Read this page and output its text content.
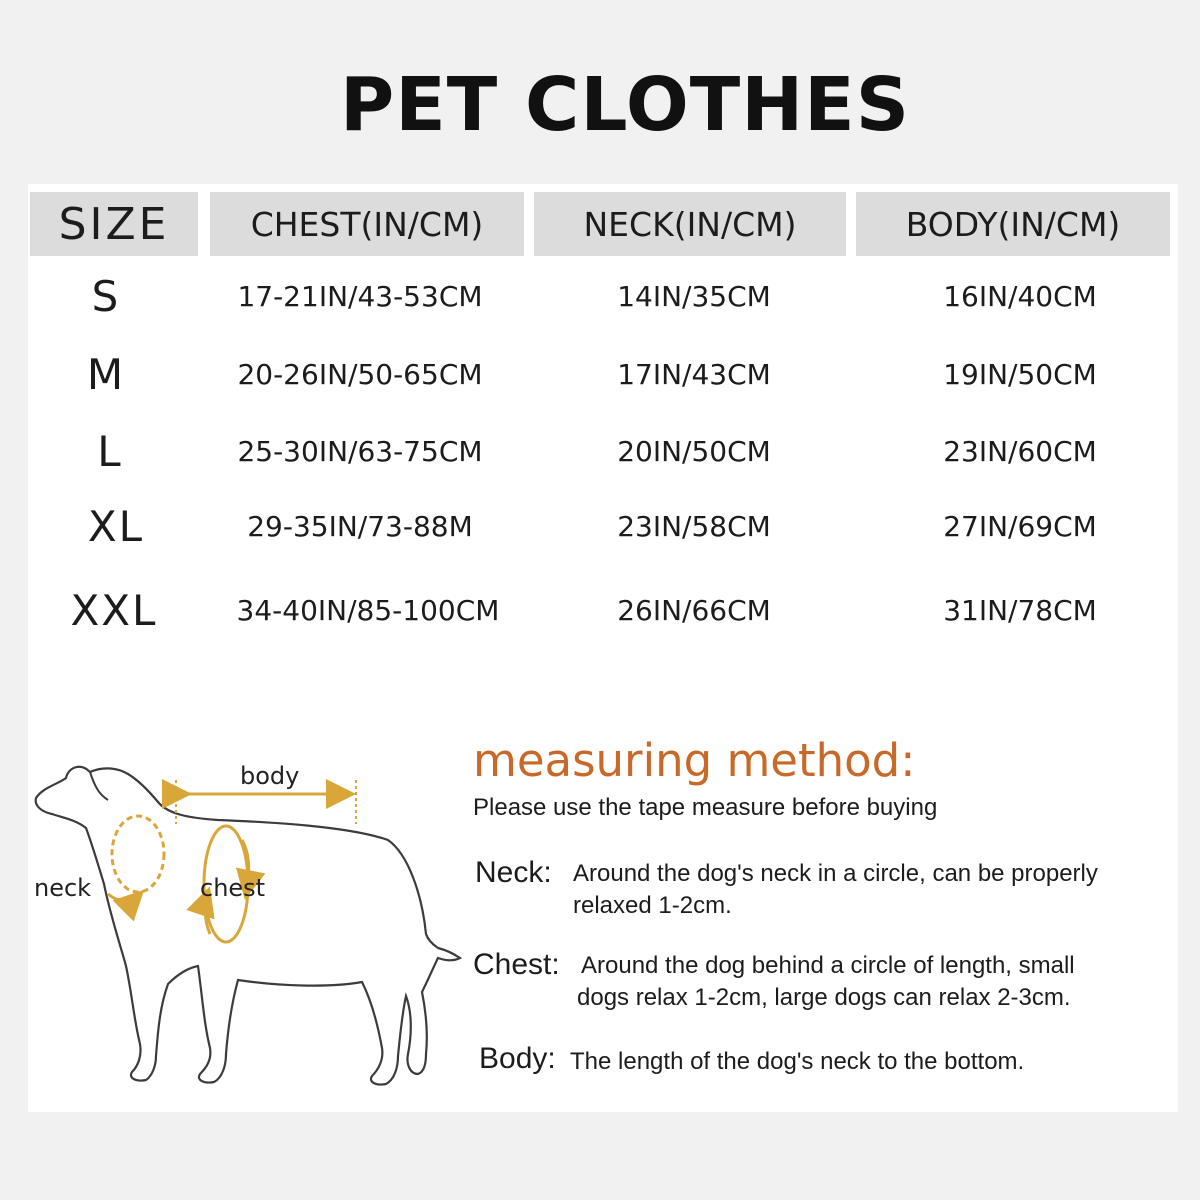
PET CLOTHES
SIZE	CHEST(IN/CM)	NECK(IN/CM)	BODY(IN/CM)
S	17-21IN/43-53CM	14IN/35CM	16IN/40CM
M	20-26IN/50-65CM	17IN/43CM	19IN/50CM
L	25-30IN/63-75CM	20IN/50CM	23IN/60CM
XL	29-35IN/73-88M	23IN/58CM	27IN/69CM
XXL	34-40IN/85-100CM	26IN/66CM	31IN/78CM
body
neck	chest
measuring method:
Please use the tape measure before buying
Neck: Around the dog's neck in a circle, can be properly
relaxed 1-2cm.
Chest: Around the dog behind a circle of length, small
dogs relax 1-2cm, large dogs can relax 2-3cm.
Body: The length of the dog's neck to the bottom.
